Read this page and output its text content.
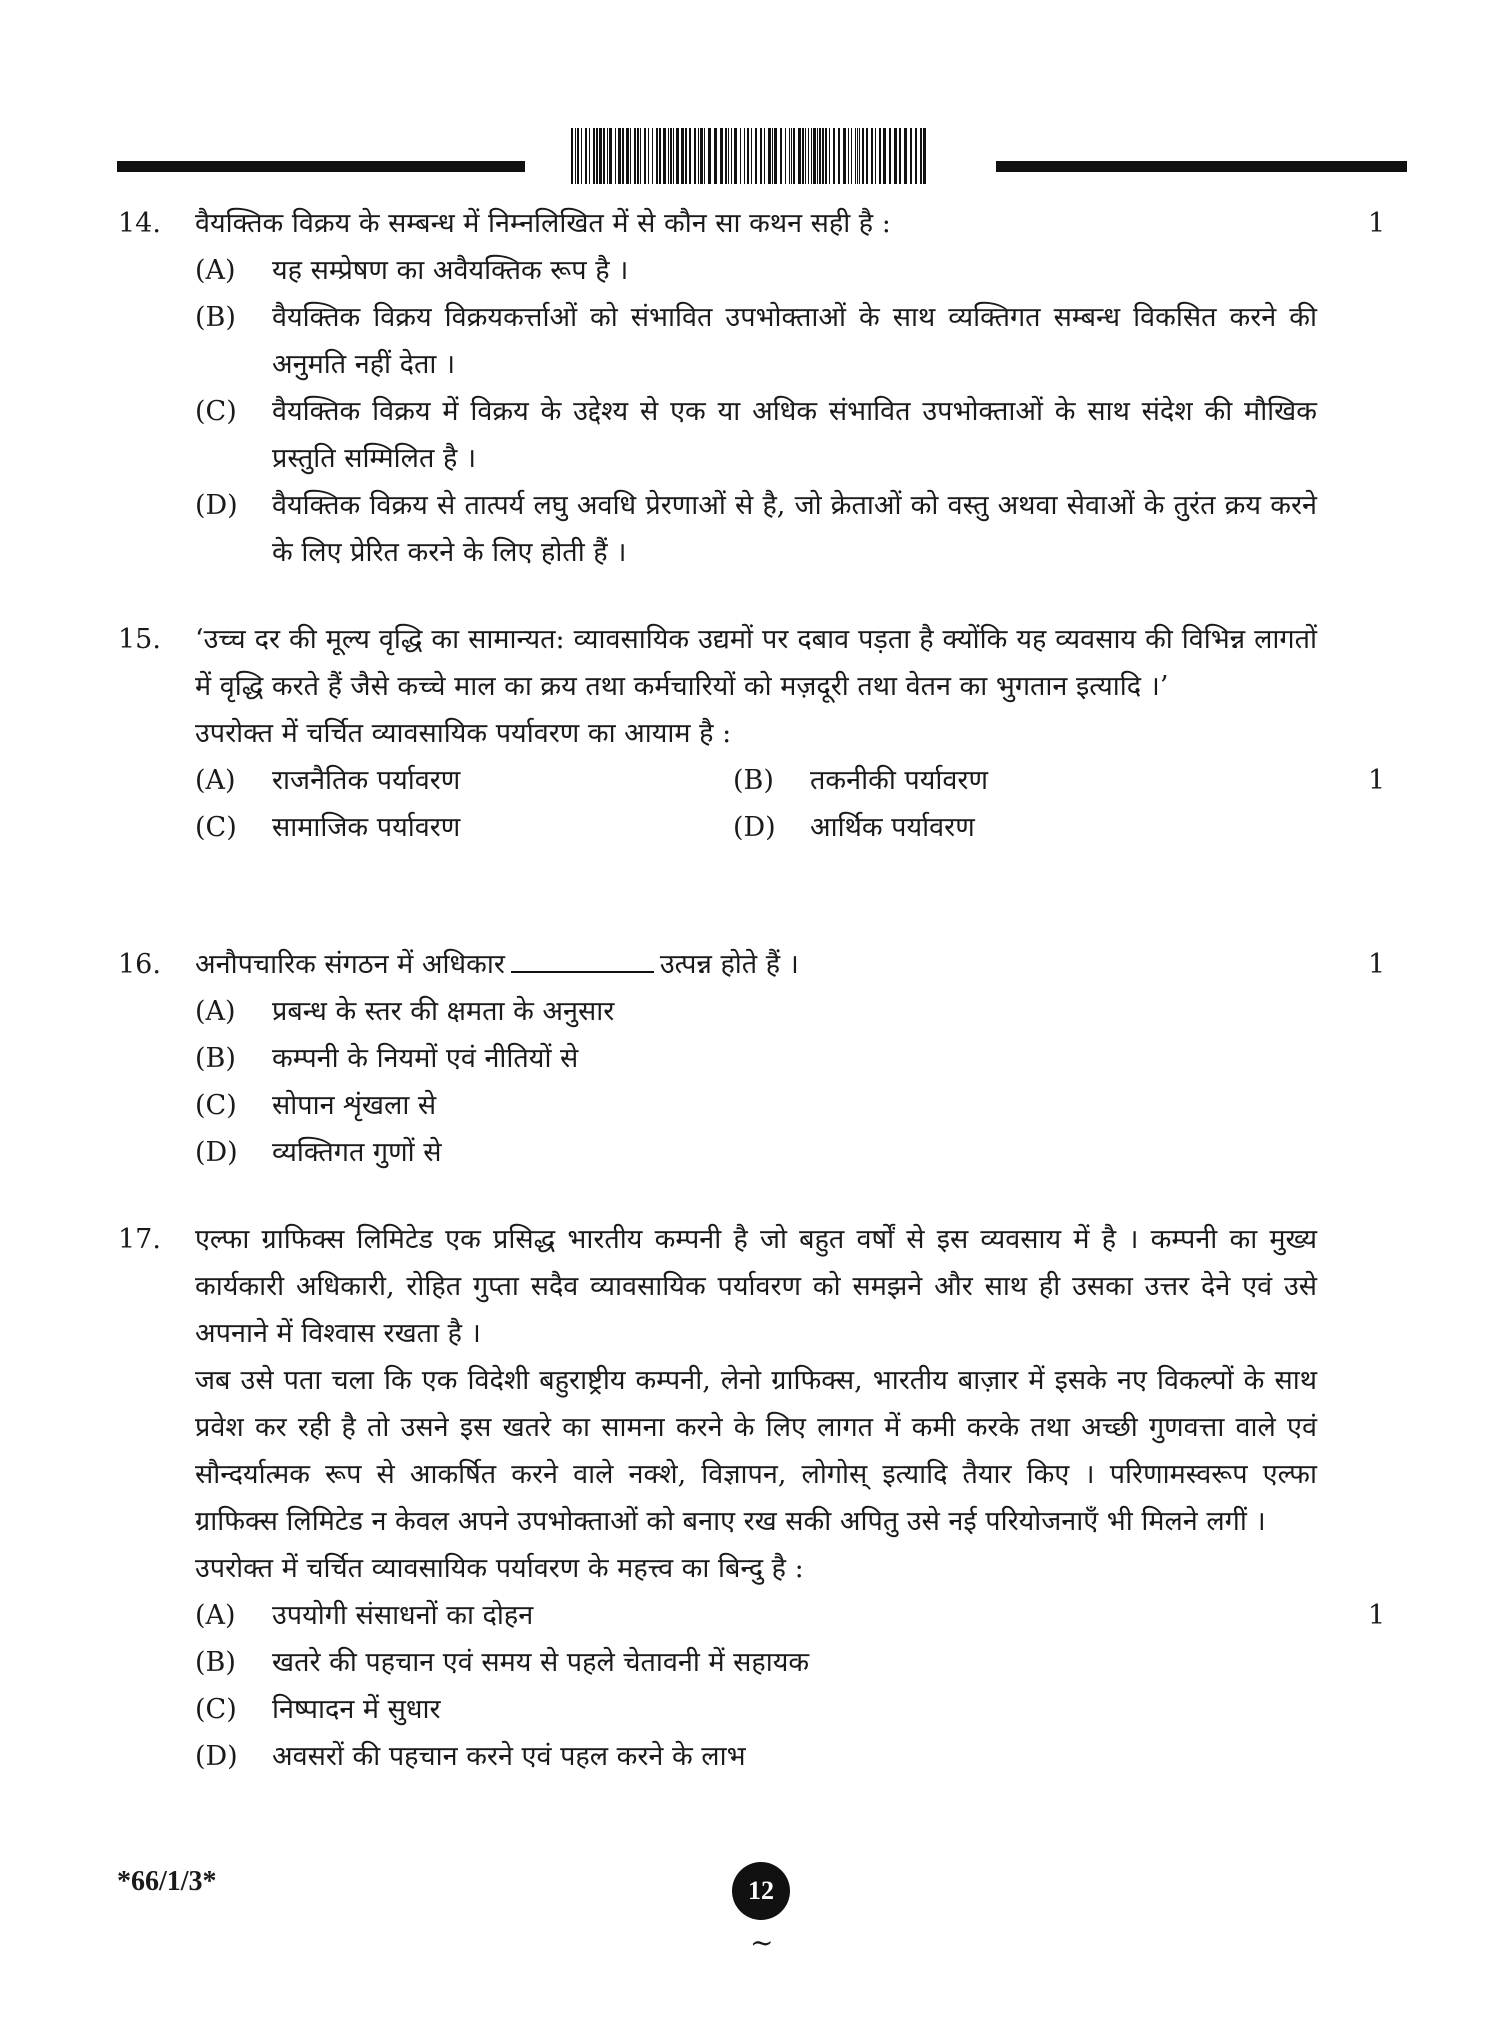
14.	1

वैयक्तिक विक्रय के सम्बन्ध में निम्नलिखित में से कौन सा कथन सही है :

(A)	यह सम्प्रेषण का अवैयक्तिक रूप है ।
(B)	वैयक्तिक विक्रय विक्रयकर्त्ताओं को संभावित उपभोक्ताओं के साथ व्यक्तिगत सम्बन्ध विकसित करने की अनुमति नहीं देता ।
(C)	वैयक्तिक विक्रय में विक्रय के उद्देश्य से एक या अधिक संभावित उपभोक्ताओं के साथ संदेश की मौखिक प्रस्तुति सम्मिलित है ।
(D)	वैयक्तिक विक्रय से तात्पर्य लघु अवधि प्रेरणाओं से है, जो क्रेताओं को वस्तु अथवा सेवाओं के तुरंत क्रय करने के लिए प्रेरित करने के लिए होती हैं ।
15.
1

‘उच्च दर की मूल्य वृद्धि का सामान्यत: व्यावसायिक उद्यमों पर दबाव पड़ता है क्योंकि यह व्यवसाय की विभिन्न लागतों में वृद्धि करते हैं जैसे कच्चे माल का क्रय तथा कर्मचारियों को मज़दूरी तथा वेतन का भुगतान इत्यादि ।’

उपरोक्त में चर्चित व्यावसायिक पर्यावरण का आयाम है :

(A)	राजनैतिक पर्यावरण	(B)	तकनीकी पर्यावरण
(C)	सामाजिक पर्यावरण	(D)	आर्थिक पर्यावरण
16.	1

अनौपचारिक संगठन में अधिकार	उत्पन्न होते हैं ।

(A)	प्रबन्ध के स्तर की क्षमता के अनुसार
(B)	कम्पनी के नियमों एवं नीतियों से
(C)	सोपान शृंखला से
(D)	व्यक्तिगत गुणों से
17.
1

एल्फा ग्राफिक्स लिमिटेड एक प्रसिद्ध भारतीय कम्पनी है जो बहुत वर्षों से इस व्यवसाय में है । कम्पनी का मुख्य कार्यकारी अधिकारी, रोहित गुप्ता सदैव व्यावसायिक पर्यावरण को समझने और साथ ही उसका उत्तर देने एवं उसे अपनाने में विश्वास रखता है ।

जब उसे पता चला कि एक विदेशी बहुराष्ट्रीय कम्पनी, लेनो ग्राफिक्स, भारतीय बाज़ार में इसके नए विकल्पों के साथ प्रवेश कर रही है तो उसने इस खतरे का सामना करने के लिए लागत में कमी करके तथा अच्छी गुणवत्ता वाले एवं सौन्दर्यात्मक रूप से आकर्षित करने वाले नक्शे, विज्ञापन, लोगोस् इत्यादि तैयार किए । परिणामस्वरूप एल्फा ग्राफिक्स लिमिटेड न केवल अपने उपभोक्ताओं को बनाए रख सकी अपितु उसे नई परियोजनाएँ भी मिलने लगीं ।

उपरोक्त में चर्चित व्यावसायिक पर्यावरण के महत्त्व का बिन्दु है :

(A)	उपयोगी संसाधनों का दोहन
(B)	खतरे की पहचान एवं समय से पहले चेतावनी में सहायक
(C)	निष्पादन में सुधार
(D)	अवसरों की पहचान करने एवं पहल करने के लाभ
*66/1/3*	12
~
